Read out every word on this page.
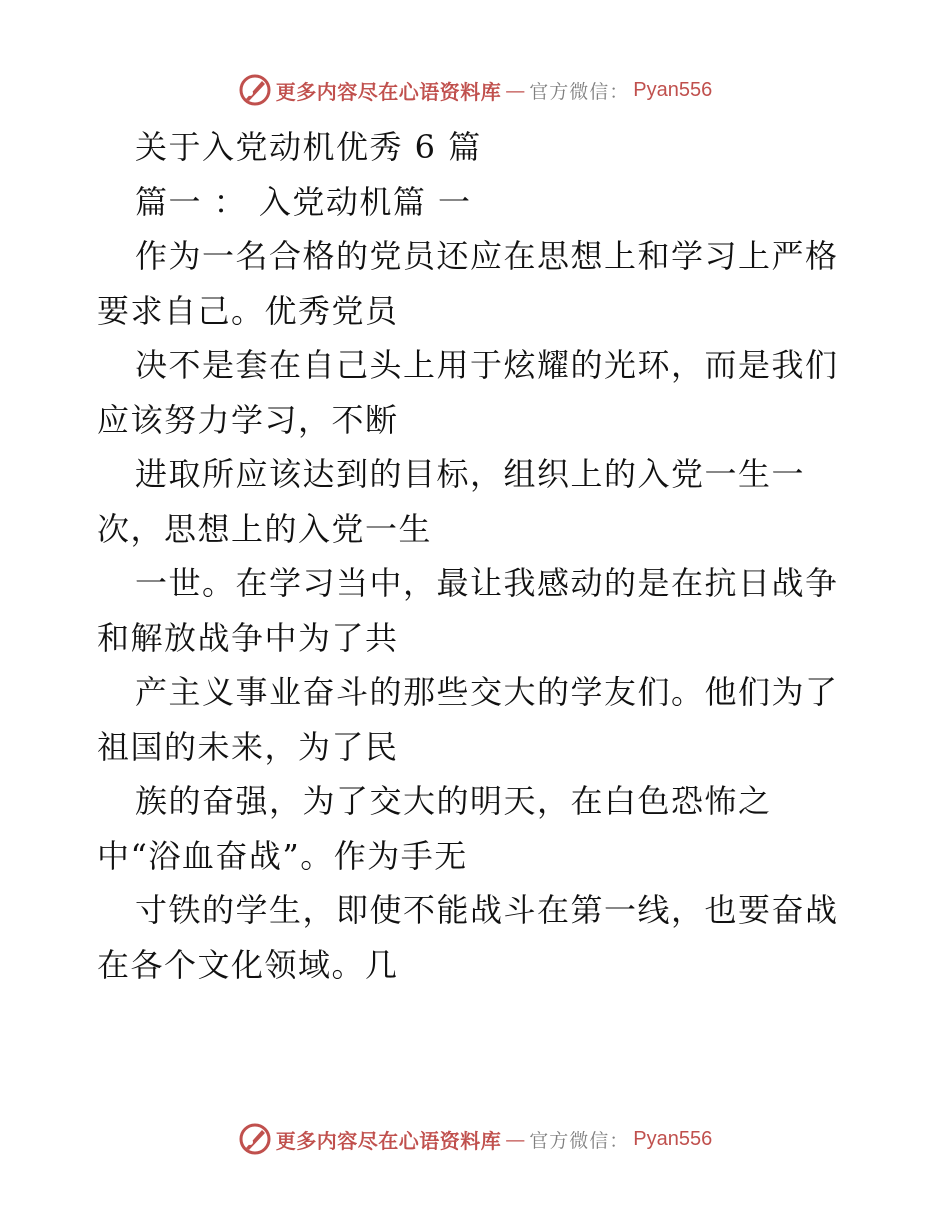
更多内容尽在心语资料库 — 官方微信： Pyan556
关于入党动机优秀 6 篇
篇一 ： 入党动机篇 一
作为一名合格的党员还应在思想上和学习上严格
要求自己。优秀党员
决不是套在自己头上用于炫耀的光环，而是我们
应该努力学习，不断
进取所应该达到的目标，组织上的入党一生一
次，思想上的入党一生
一世。在学习当中，最让我感动的是在抗日战争
和解放战争中为了共
产主义事业奋斗的那些交大的学友们。他们为了
祖国的未来，为了民
族的奋强，为了交大的明天，在白色恐怖之
中“浴血奋战”。作为手无
寸铁的学生，即使不能战斗在第一线，也要奋战
在各个文化领域。几
更多内容尽在心语资料库 — 官方微信： Pyan556
